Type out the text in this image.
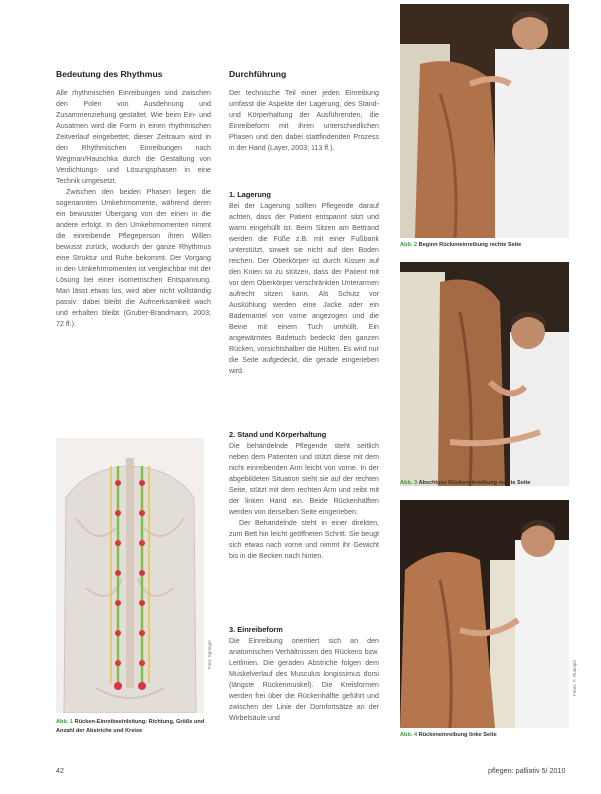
Bedeutung des Rhythmus

Alle rhythmischen Einreibungen sind zwischen den Polen von Ausdehnung und Zusammenziehung gestaltet. Wie beim Ein- und Ausatmen wird die Form in einen rhythmischen Zeitverlauf eingebettet; dieser Zeitraum wird in den Rhythmischen Einreibungen nach Wegman/Hauschka durch die Gestaltung von Verdichtungs- und Lösungsphasen in eine Technik umgesetzt.

Zwischen den beiden Phasen liegen die sogenannten Umkehrmomente, während deren ein bewusster Übergang von der einen in die andere erfolgt. In den Umkehrmomenten nimmt die einreibende Pflegeperson ihren Willen bewusst zurück, wodurch der ganze Rhythmus eine Struktur und Ruhe bekommt. Der Vorgang in den Umkehrmomenten ist vergleichbar mit der Lösung bei einer isometrischen Entspannung. Man lässt etwas los, wird aber nicht vollständig passiv: dabei bleibt die Aufmerksamkeit wach und erhalten bleibt (Gruber-Brandmann, 2003; 72 ff.).

Foto: Springer
Abb. 1 Rücken-Einreibeeinleitung: Richtung, Größe und Anzahl der Abstriche und Kreise
Durchführung

Der technische Teil einer jeden Einreibung umfasst die Aspekte der Lagerung, des Stand- und Körperhaltung der Ausführenden, die Einreibeform mit ihren unterschiedlichen Phasen und den dabei stattfindenden Prozess in der Hand (Layer, 2003; 113 ff.).

1. Lagerung

Bei der Lagerung sollten Pflegende darauf achten, dass der Patient entspannt sitzt und warm eingehüllt ist. Beim Sitzen am Bettrand werden die Füße z.B. mit einer Fußbank unterstützt, soweit sie nicht auf den Boden reichen. Der Oberkörper ist durch Kissen auf den Knien so zu stützen, dass der Patient mit vor dem Oberkörper verschränkten Unterarmen aufrecht sitzen kann. Als Schutz vor Auskühlung werden eine Jacke oder ein Bademantel von vorne angezogen und die Beine mit einem Tuch umhüllt. Ein angewärmtes Badetuch bedeckt den ganzen Rücken, vorsichtshalber die Hüften. Es wird nur die Seite aufgedeckt, die gerade eingerieben wird.

2. Stand und Körperhaltung

Die behandelnde Pflegende steht seitlich neben dem Patienten und stützt diese mit dem nicht einreibenden Arm leicht von vorne. In der abgebildeten Situation steht sie auf der rechten Seite, stützt mit dem rechten Arm und reibt mit der linken Hand ein. Beide Rückenhälften werden von derselben Seite eingerieben.

Der Behandelnde steht in einer direkten, zum Bett hin leicht geöffneten Schritt. Sie beugt sich etwas nach vorne und nimmt ihr Gewicht bis in die Becken nach hinten.

3. Einreibeform

Die Einreibung orientiert sich an den anatomischen Verhältnissen des Rückens bzw. Leitlinien. Die geraden Abstriche folgen dem Muskelverlauf des Musculus longissimus dorsi (längste Rückenmuskel). Die Kreisformen werden frei über die Rückenhälfte geführt und zwischen der Linie der Dornfortsätze an der Wirbelsäule und

Abb. 2 Beginn Rückeneinreibung rechte Seite
Abb. 3 Abschluss Rückeneinreibung rechte Seite
Fotos: F. Rudolph
Abb. 4 Rückeneinreibung linke Seite
42	pflegen: palliativ 5/ 2010
